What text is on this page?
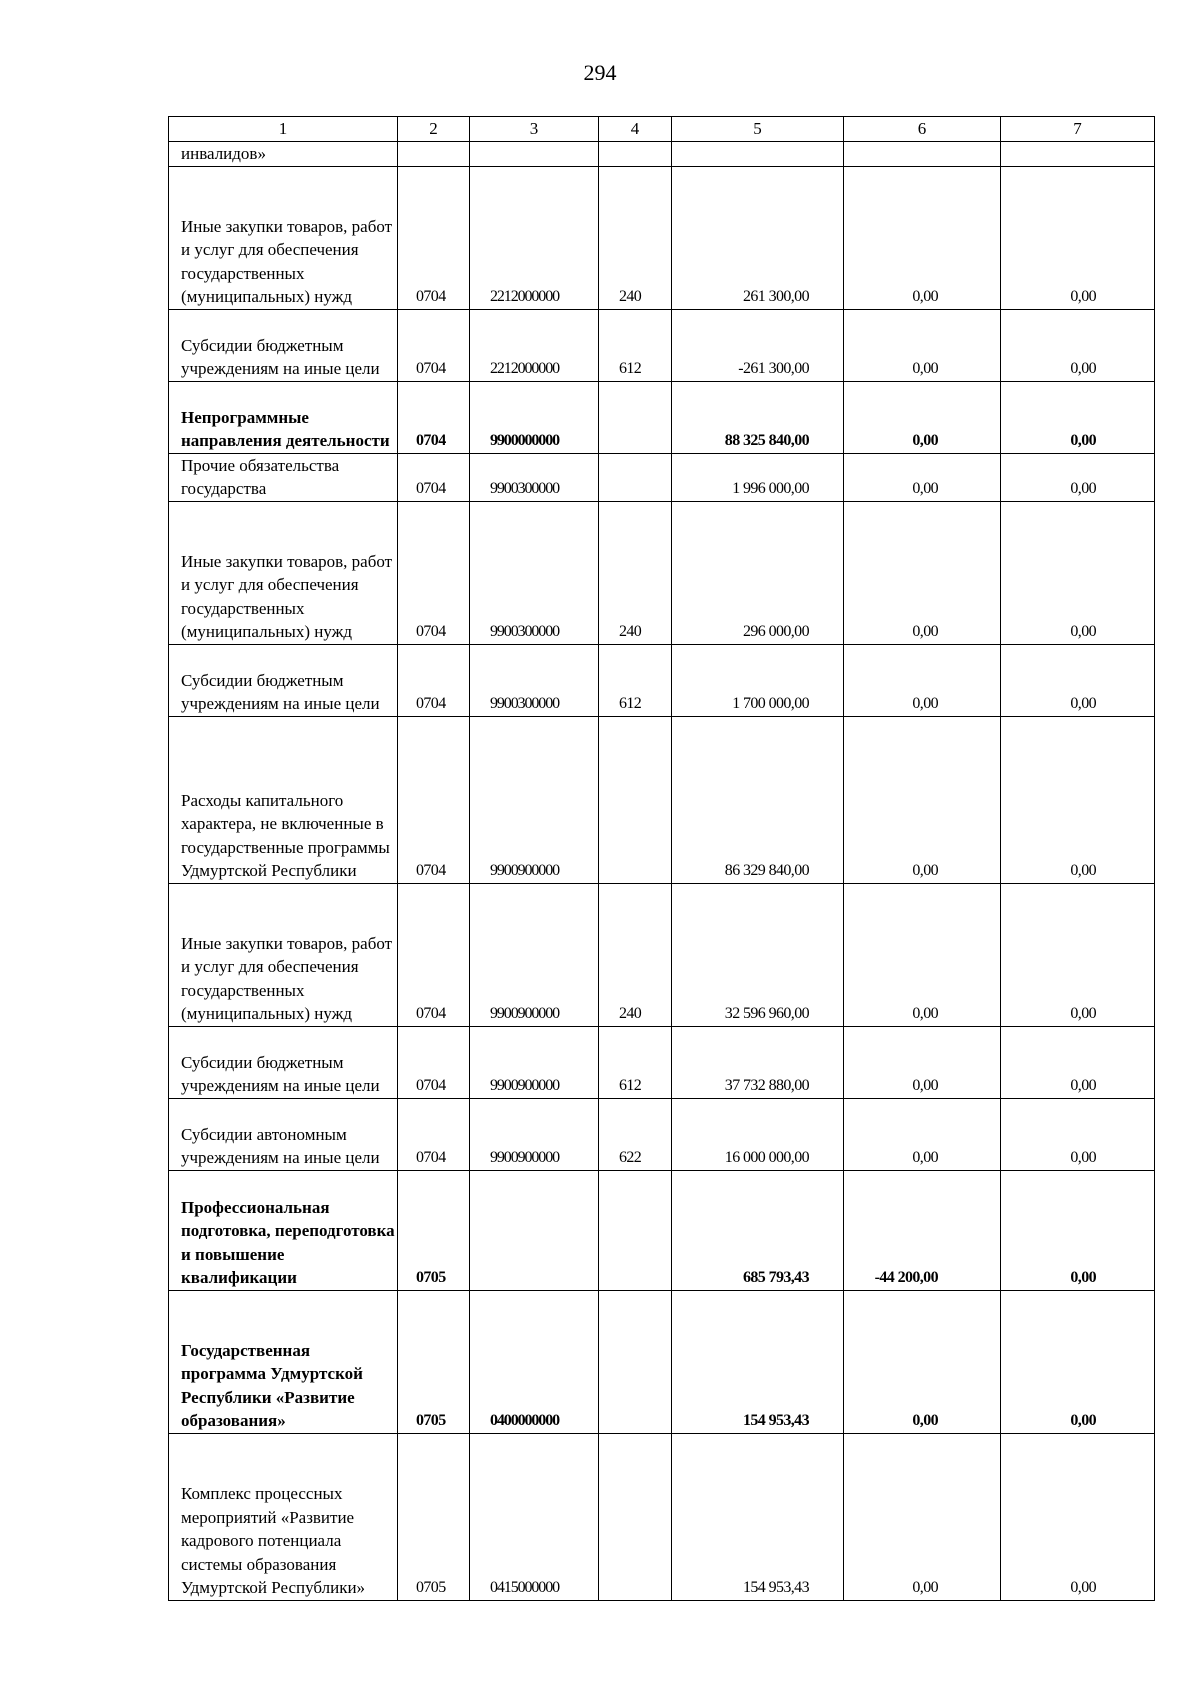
294
1	2	3	4	5	6	7
инвалидов»						
Иные закупки товаров, работ и услуг для обеспечения государственных (муниципальных) нужд	0704	2212000000	240	261 300,00	0,00	0,00
Субсидии бюджетным учреждениям на иные цели	0704	2212000000	612	-261 300,00	0,00	0,00
Непрограммные направления деятельности	0704	9900000000		88 325 840,00	0,00	0,00
Прочие обязательства государства	0704	9900300000		1 996 000,00	0,00	0,00
Иные закупки товаров, работ и услуг для обеспечения государственных (муниципальных) нужд	0704	9900300000	240	296 000,00	0,00	0,00
Субсидии бюджетным учреждениям на иные цели	0704	9900300000	612	1 700 000,00	0,00	0,00
Расходы капитального характера, не включенные в государственные программы Удмуртской Республики	0704	9900900000		86 329 840,00	0,00	0,00
Иные закупки товаров, работ и услуг для обеспечения государственных (муниципальных) нужд	0704	9900900000	240	32 596 960,00	0,00	0,00
Субсидии бюджетным учреждениям на иные цели	0704	9900900000	612	37 732 880,00	0,00	0,00
Субсидии автономным учреждениям на иные цели	0704	9900900000	622	16 000 000,00	0,00	0,00
Профессиональная подготовка, переподготовка и повышение квалификации	0705			685 793,43	-44 200,00	0,00
Государственная программа Удмуртской Республики «Развитие образования»	0705	0400000000		154 953,43	0,00	0,00
Комплекс процессных мероприятий «Развитие кадрового потенциала системы образования Удмуртской Республики»	0705	0415000000		154 953,43	0,00	0,00
